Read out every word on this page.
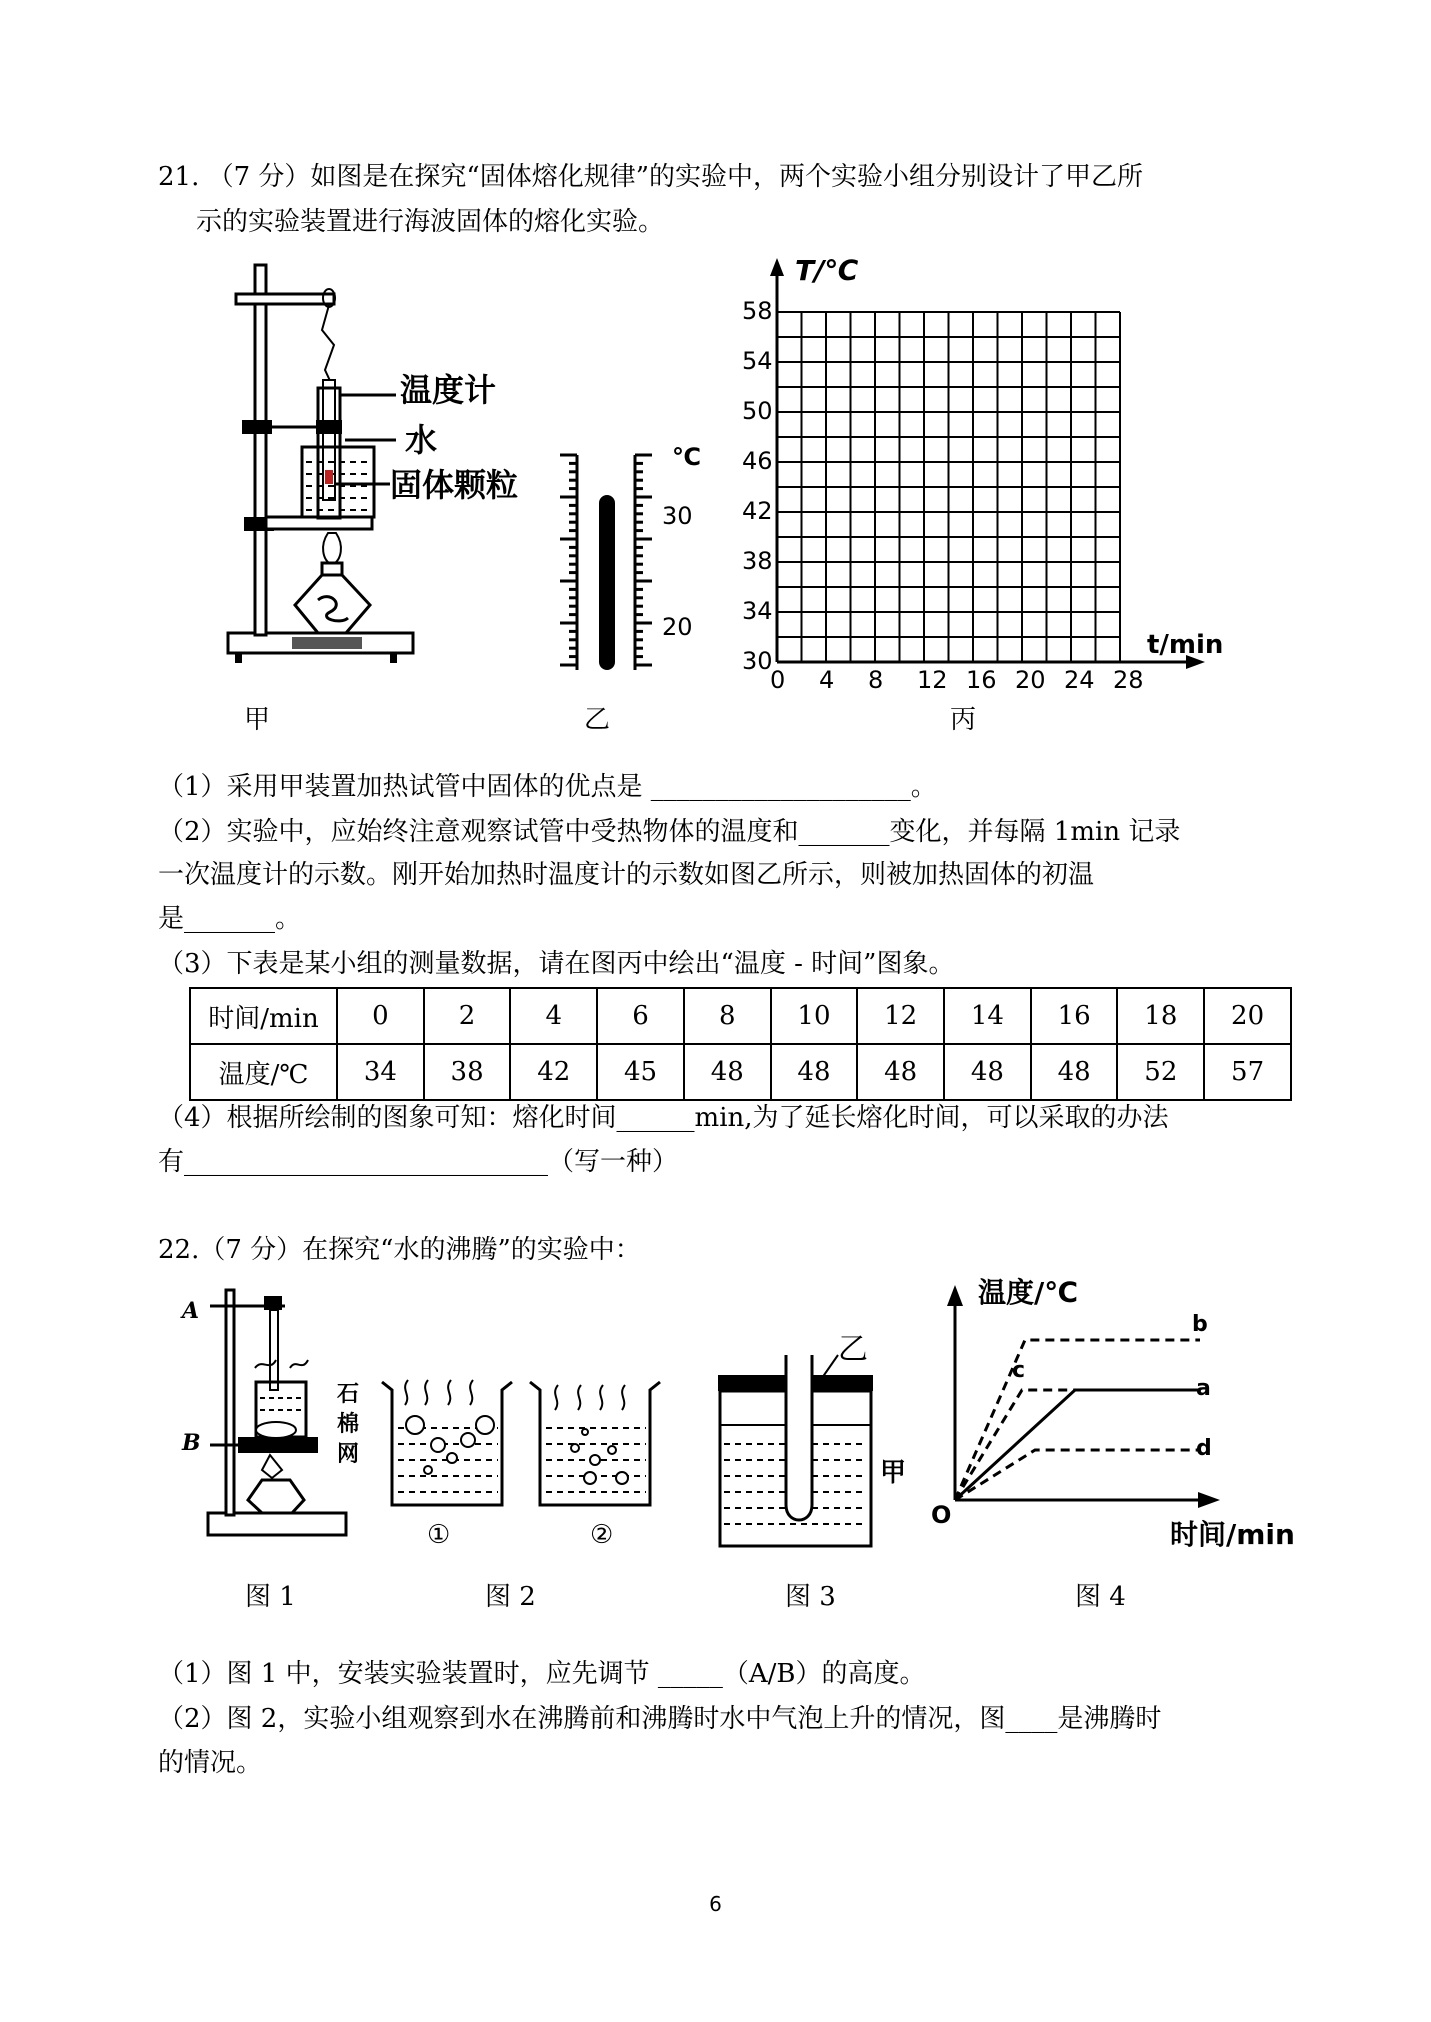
21. （7 分）如图是在探究“固体熔化规律”的实验中，两个实验小组分别设计了甲乙所
示的实验装置进行海波固体的熔化实验。
温度计
水
固体颗粒
甲
℃
30
20
乙
T/℃
t/min
58
54
50
46
42
38
34
30
0 4 8 12 16 20 24 28
丙
（1）采用甲装置加热试管中固体的优点是 ____________________。
（2）实验中，应始终注意观察试管中受热物体的温度和_______变化，并每隔 1min 记录
一次温度计的示数。刚开始加热时温度计的示数如图乙所示，则被加热固体的初温
是_______。
（3）下表是某小组的测量数据，请在图丙中绘出“温度 - 时间”图象。
时间/min	0	2	4	6	8	10	12	14	16	18	20
温度/℃	34	38	42	45	48	48	48	48	48	52	57
（4）根据所绘制的图象可知：熔化时间______min,为了延长熔化时间，可以采取的办法
有____________________________（写一种）
22.（7 分）在探究“水的沸腾”的实验中：
A
B
石棉网
图 1
①	②
图 2
乙
甲
图 3
温度/℃
时间/min
O
b
c
a
d
图 4
（1）图 1 中，安装实验装置时，应先调节 _____（A/B）的高度。
（2）图 2，实验小组观察到水在沸腾前和沸腾时水中气泡上升的情况，图____是沸腾时
的情况。
6
